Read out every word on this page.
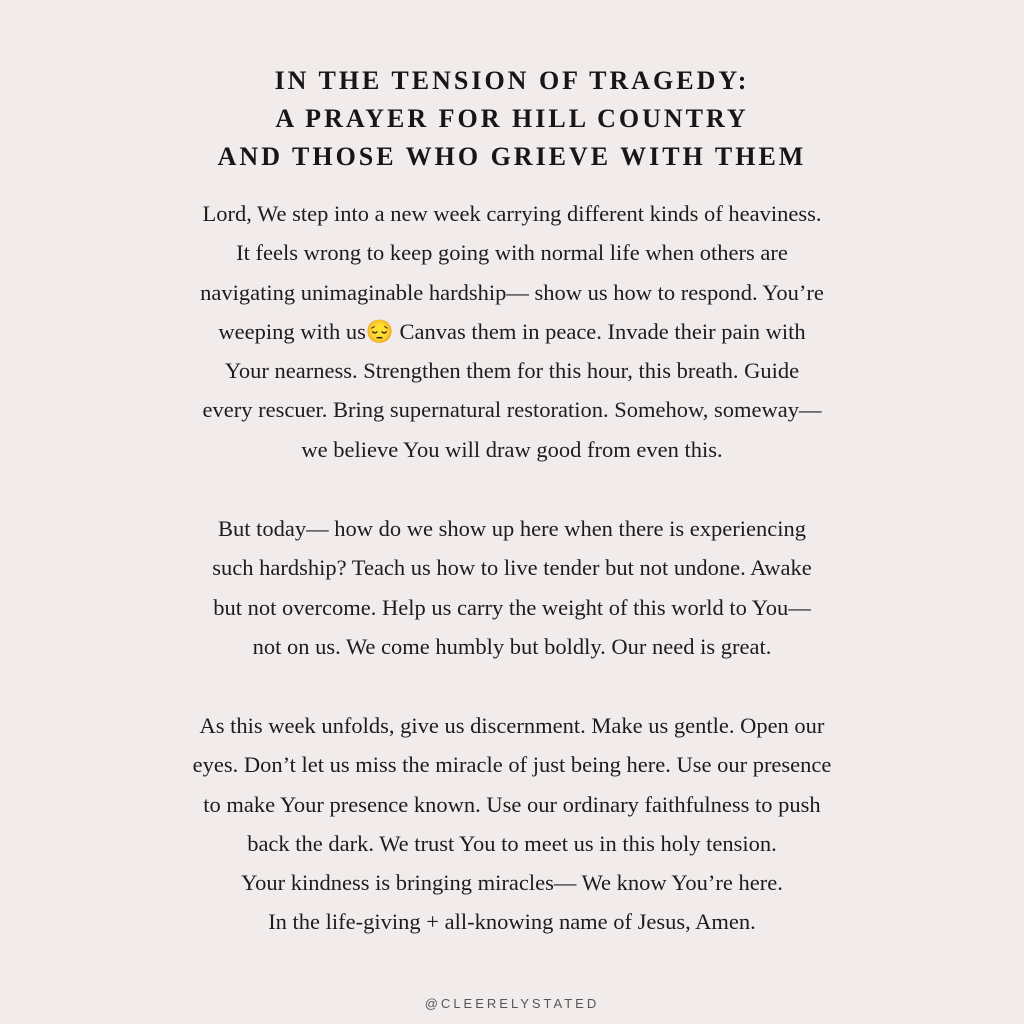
IN THE TENSION OF TRAGEDY:
A PRAYER FOR HILL COUNTRY
AND THOSE WHO GRIEVE WITH THEM
Lord, We step into a new week carrying different kinds of heaviness.
It feels wrong to keep going with normal life when others are
navigating unimaginable hardship— show us how to respond. You’re
weeping with us😔 Canvas them in peace. Invade their pain with
Your nearness. Strengthen them for this hour, this breath. Guide
every rescuer. Bring supernatural restoration. Somehow, someway—
we believe You will draw good from even this.
But today— how do we show up here when there is experiencing
such hardship? Teach us how to live tender but not undone. Awake
but not overcome. Help us carry the weight of this world to You—
not on us. We come humbly but boldly. Our need is great.
As this week unfolds, give us discernment. Make us gentle. Open our
eyes. Don’t let us miss the miracle of just being here. Use our presence
to make Your presence known. Use our ordinary faithfulness to push
back the dark. We trust You to meet us in this holy tension.
Your kindness is bringing miracles— We know You’re here.
In the life-giving + all-knowing name of Jesus, Amen.
@CLEERELYSTATED
